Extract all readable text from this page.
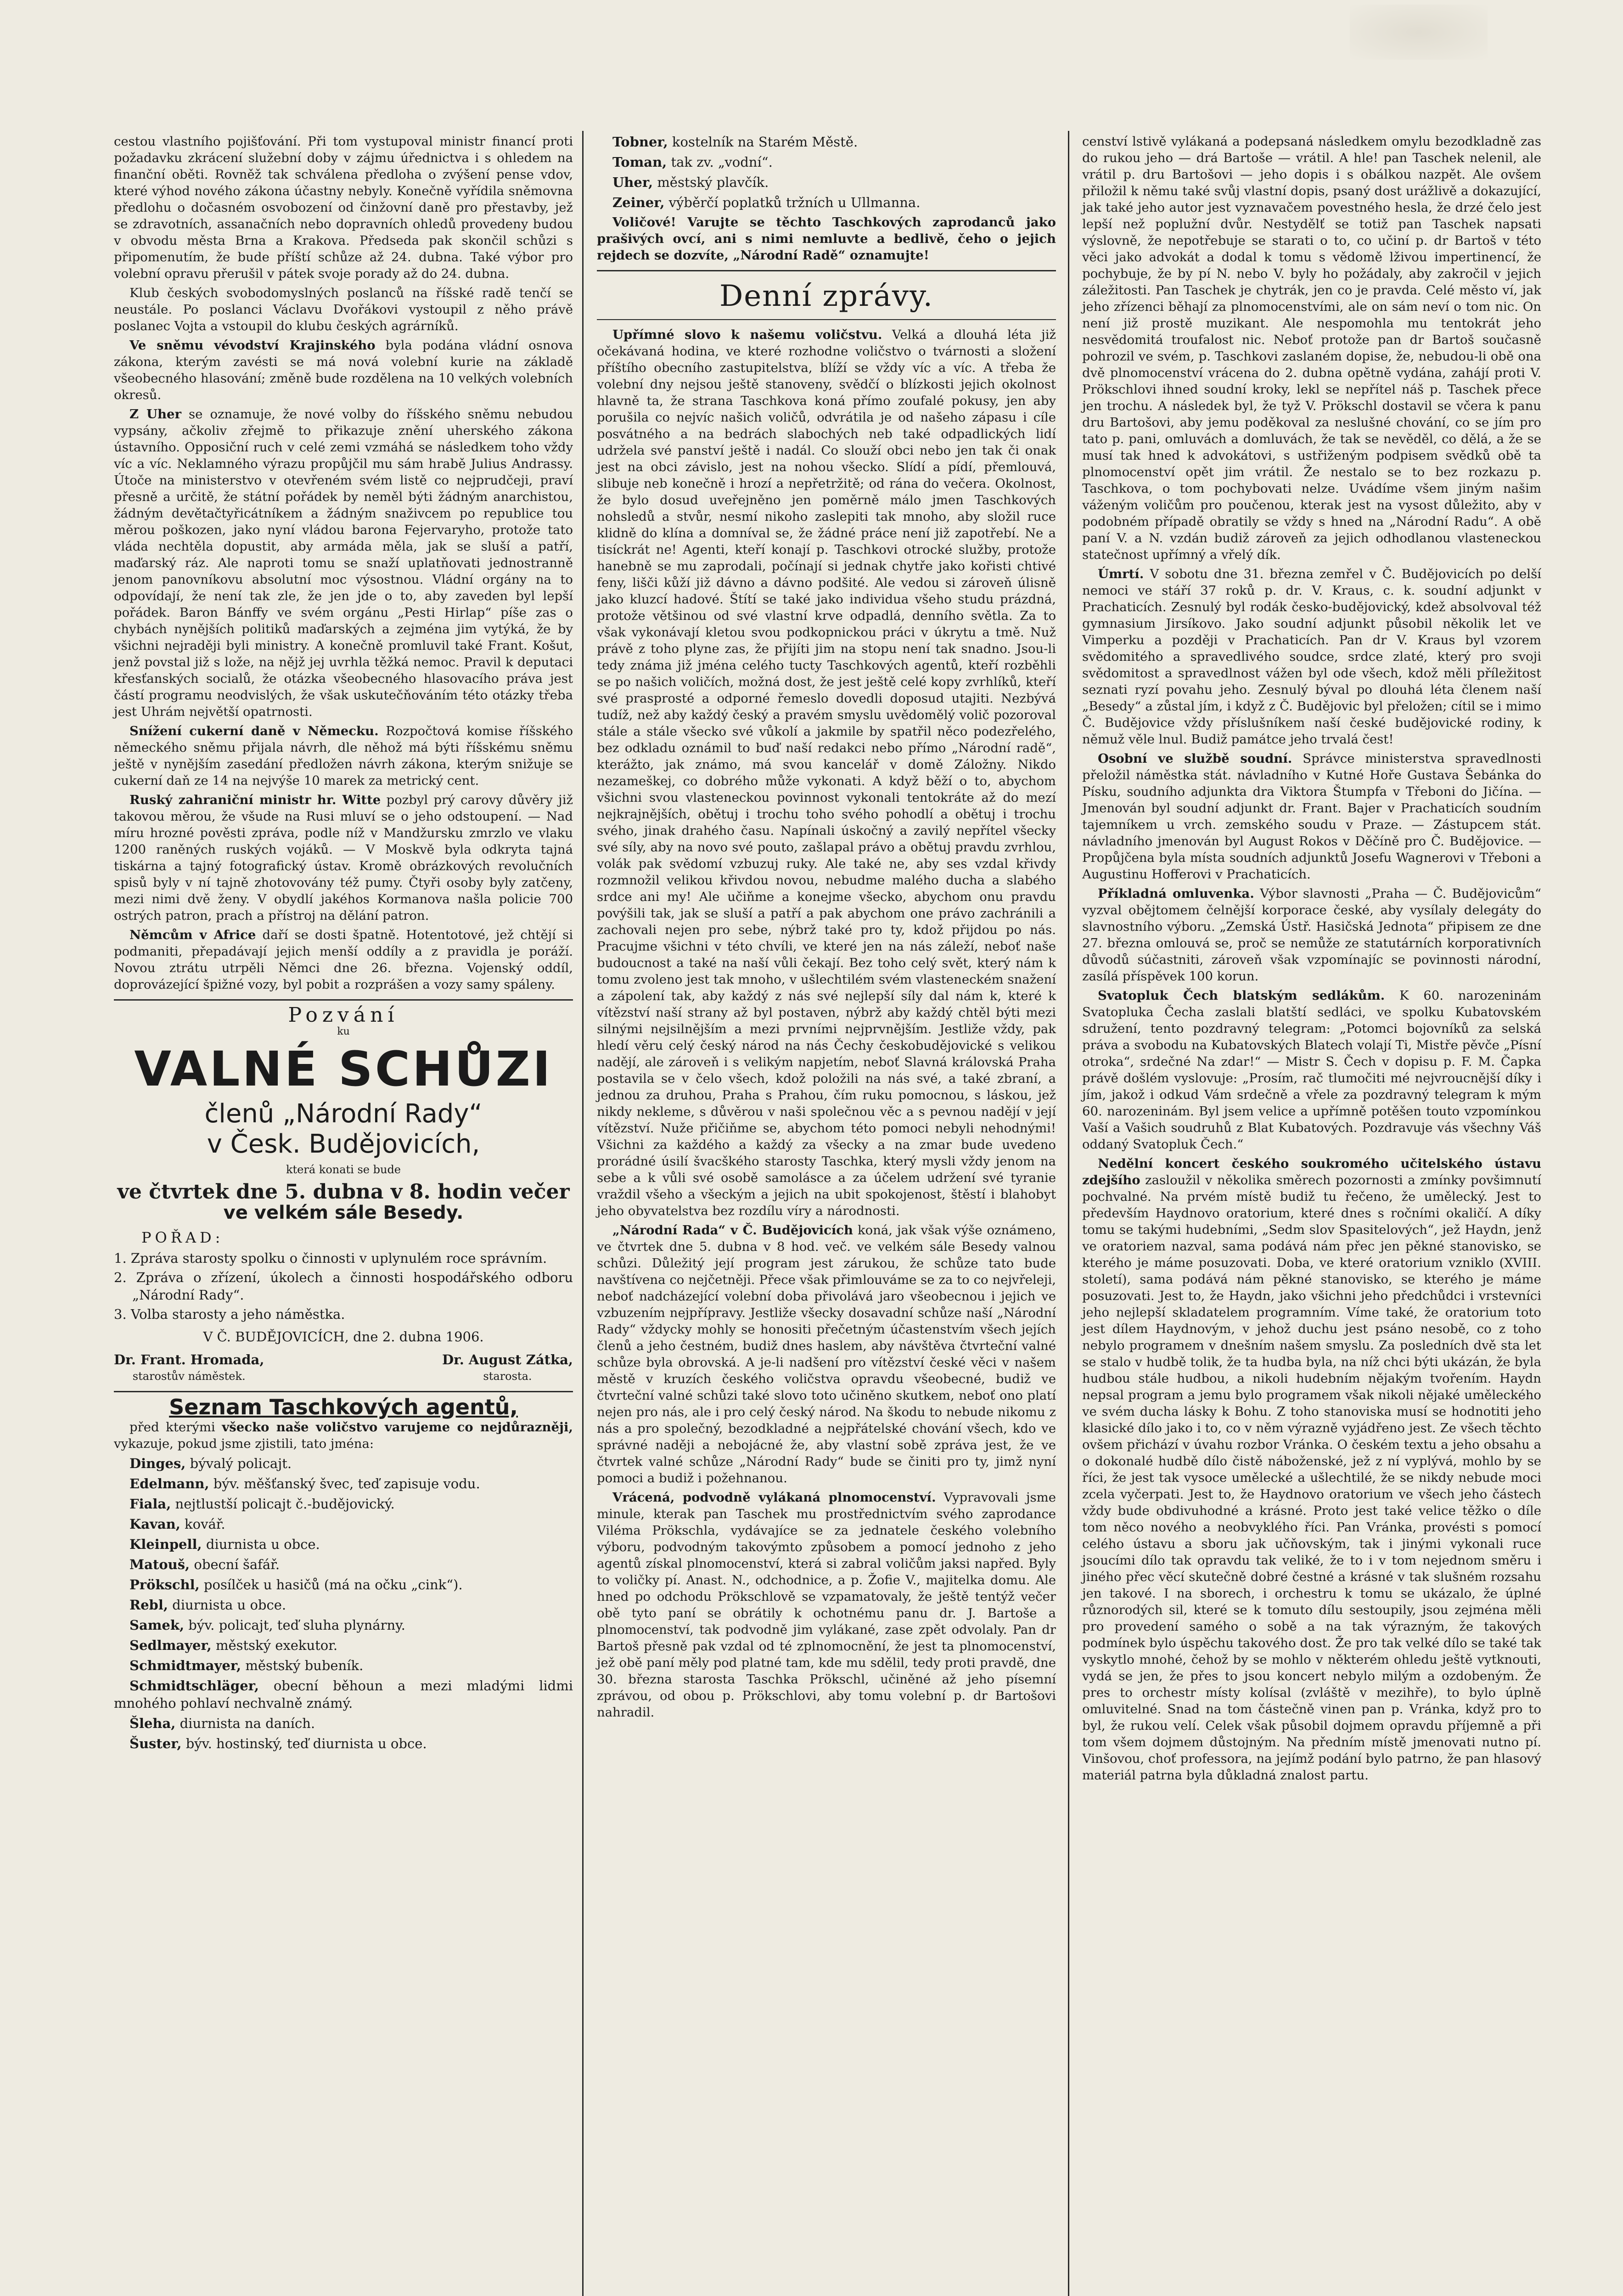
cestou vlastního pojišťování. Při tom vystupoval ministr financí proti požadavku zkrácení služební doby v zájmu úřednictva i s ohledem na finanční oběti. Rovněž tak schválena předloha o zvýšení pense vdov, které výhod nového zákona účastny nebyly. Konečně vyřídila sněmovna předlohu o dočasném osvobození od činžovní daně pro přestavby, jež se zdravotních, assanačních nebo dopravních ohledů provedeny budou v obvodu města Brna a Krakova. Předseda pak skončil schůzi s připomenutím, že bude příští schůze až 24. dubna. Také výbor pro volební opravu přerušil v pátek svoje porady až do 24. dubna.

Klub českých svobodomyslných poslanců na říšské radě tenčí se neustále. Po poslanci Václavu Dvořákovi vystoupil z něho právě poslanec Vojta a vstoupil do klubu českých agrárníků.

Ve sněmu vévodství Krajinského byla podána vládní osnova zákona, kterým zavésti se má nová volební kurie na základě všeobecného hlasování; změně bude rozdělena na 10 velkých volebních okresů.

Z Uher se oznamuje, že nové volby do říšského sněmu nebudou vypsány, ačkoliv zřejmě to přikazuje znění uherského zákona ústavního. Opposiční ruch v celé zemi vzmáhá se následkem toho vždy víc a víc. Neklamného výrazu propůjčil mu sám hrabě Julius Andrassy. Útoče na ministerstvo v otevřeném svém listě co nejprudčeji, praví přesně a určitě, že státní pořádek by neměl býti žádným anarchistou, žádným devětačtyřicátníkem a žádným snaživcem po republice tou měrou poškozen, jako nyní vládou barona Fejervaryho, protože tato vláda nechtěla dopustit, aby armáda měla, jak se sluší a patří, maďarský ráz. Ale naproti tomu se snaží uplatňovati jednostranně jenom panovníkovu absolutní moc výsostnou. Vládní orgány na to odpovídají, že není tak zle, že jen jde o to, aby zaveden byl lepší pořádek. Baron Bánffy ve svém orgánu „Pesti Hirlap“ píše zas o chybách nynějších politiků maďarských a zejména jim vytýká, že by všichni nejraději byli ministry. A konečně promluvil také Frant. Košut, jenž povstal již s lože, na nějž jej uvrhla těžká nemoc. Pravil k deputaci křesťanských socialů, že otázka všeobecného hlasovacího práva jest částí programu neodvislých, že však uskutečňováním této otázky třeba jest Uhrám největší opatrnosti.

Snížení cukerní daně v Německu. Rozpočtová komise říšského německého sněmu přijala návrh, dle něhož má býti říšskému sněmu ještě v nynějším zasedání předložen návrh zákona, kterým snižuje se cukerní daň ze 14 na nejvýše 10 marek za metrický cent.

Ruský zahraniční ministr hr. Witte pozbyl prý carovy důvěry již takovou měrou, že všude na Rusi mluví se o jeho odstoupení. — Nad míru hrozné pověsti zpráva, podle níž v Mandžursku zmrzlo ve vlaku 1200 raněných ruských vojáků. — V Moskvě byla odkryta tajná tiskárna a tajný fotografický ústav. Kromě obrázkových revolučních spisů byly v ní tajně zhotovovány též pumy. Čtyři osoby byly zatčeny, mezi nimi dvě ženy. V obydlí jakéhos Kormanova našla policie 700 ostrých patron, prach a přístroj na dělání patron.

Němcům v Africe daří se dosti špatně. Hotentotové, jež chtějí si podmaniti, přepadávají jejich menší oddíly a z pravidla je poráží. Novou ztrátu utrpěli Němci dne 26. března. Vojenský oddíl, doprovázející špižné vozy, byl pobit a rozprášen a vozy samy spáleny.

Pozvání
ku
VALNÉ SCHŮZI
členů „Národní Rady“
v Česk. Budějovicích,
která konati se bude
ve čtvrtek dne 5. dubna v 8. hodin večer
ve velkém sále Besedy.
POŘAD:
1. Zpráva starosty spolku o činnosti v uplynulém roce správním.
2. Zpráva o zřízení, úkolech a činnosti hospodářského odboru „Národní Rady“.
3. Volba starosty a jeho náměstka.
V Č. BUDĚJOVICÍCH, dne 2. dubna 1906.
Dr. Frant. Hromada,
starostův náměstek.
Dr. August Zátka,
starosta.
Seznam Taschkových agentů,

před kterými všecko naše voličstvo varujeme co nejdůrazněji, vykazuje, pokud jsme zjistili, tato jména:

Dinges, bývalý policajt.

Edelmann, býv. měšťanský švec, teď zapisuje vodu.

Fiala, nejtlustší policajt č.-budějovický.

Kavan, kovář.

Kleinpell, diurnista u obce.

Matouš, obecní šafář.

Prökschl, posílček u hasičů (má na očku „cink“).

Rebl, diurnista u obce.

Samek, býv. policajt, teď sluha plynárny.

Sedlmayer, městský exekutor.

Schmidtmayer, městský bubeník.

Schmidtschläger, obecní běhoun a mezi mladými lidmi mnohého pohlaví nechvalně známý.

Šleha, diurnista na daních.

Šuster, býv. hostinský, teď diurnista u obce.

Tobner, kostelník na Starém Městě.

Toman, tak zv. „vodní“.

Uher, městský plavčík.

Zeiner, výběrčí poplatků tržních u Ullmanna.

Voličové! Varujte se těchto Taschkových zaprodanců jako prašivých ovcí, ani s nimi nemluvte a bedlivě, čeho o jejich rejdech se dozvíte, „Národní Radě“ oznamujte!

Denní zprávy.

Upřímné slovo k našemu voličstvu. Velká a dlouhá léta již očekávaná hodina, ve které rozhodne voličstvo o tvárnosti a složení příštího obecního zastupitelstva, blíží se vždy víc a víc. A třeba že volební dny nejsou ještě stanoveny, svědčí o blízkosti jejich okolnost hlavně ta, že strana Taschkova koná přímo zoufalé pokusy, jen aby porušila co nejvíc našich voličů, odvrátila je od našeho zápasu i cíle posvátného a na bedrách slabochých neb také odpadlických lidí udržela své panství ještě i nadál. Co slouží obci nebo jen tak či onak jest na obci závislo, jest na nohou všecko. Slídí a pídí, přemlouvá, slibuje neb konečně i hrozí a nepřetržitě; od rána do večera. Okolnost, že bylo dosud uveřejněno jen poměrně málo jmen Taschkových nohsledů a stvůr, nesmí nikoho zaslepiti tak mnoho, aby složil ruce klidně do klína a domníval se, že žádné práce není již zapotřebí. Ne a tisíckrát ne! Agenti, kteří konají p. Taschkovi otrocké služby, protože hanebně se mu zaprodali, počínají si jednak chytře jako kořisti chtivé feny, lišči kůží již dávno a dávno podšité. Ale vedou si zároveň úlisně jako kluzcí hadové. Štítí se také jako individua všeho studu prázdná, protože většinou od své vlastní krve odpadlá, denního světla. Za to však vykonávají kletou svou podkopnickou práci v úkrytu a tmě. Nuž právě z toho plyne zas, že přijíti jim na stopu není tak snadno. Jsou-li tedy známa již jména celého tucty Taschkových agentů, kteří rozběhli se po našich voličích, možná dost, že jest ještě celé kopy zvrhlíků, kteří své prasprosté a odporné řemeslo dovedli doposud utajiti. Nezbývá tudíž, než aby každý český a pravém smyslu uvědomělý volič pozoroval stále a stále všecko své vůkolí a jakmile by spatřil něco podezřelého, bez odkladu oznámil to buď naší redakci nebo přímo „Národní radě“, kterážto, jak známo, má svou kancelář v domě Záložny. Nikdo nezameškej, co dobrého může vykonati. A když běží o to, abychom všichni svou vlasteneckou povinnost vykonali tentokráte až do mezí nejkrajnějších, obětuj i trochu toho svého pohodlí a obětuj i trochu svého, jinak drahého času. Napínali úskočný a zavilý nepřítel všecky své síly, aby na novo své pouto, zašlapal právo a obětuj pravdu zvrhlou, volák pak svědomí vzbuzuj ruky. Ale také ne, aby ses vzdal křivdy rozmnožil velikou křivdou novou, nebudme malého ducha a slabého srdce ani my! Ale učiňme a konejme všecko, abychom onu pravdu povýšili tak, jak se sluší a patří a pak abychom one právo zachránili a zachovali nejen pro sebe, nýbrž také pro ty, kdož přijdou po nás. Pracujme všichni v této chvíli, ve které jen na nás záleží, neboť naše budoucnost a také na naší vůli čekají. Bez toho celý svět, který nám k tomu zvoleno jest tak mnoho, v ušlechtilém svém vlasteneckém snažení a zápolení tak, aby každý z nás své nejlepší síly dal nám k, které k vítězství naší strany až byl postaven, nýbrž aby každý chtěl býti mezi silnými nejsilnějším a mezi prvními nejprvnějším. Jestliže vždy, pak hledí věru celý český národ na nás Čechy českobudějovické s velikou nadějí, ale zároveň i s velikým napjetím, neboť Slavná královská Praha postavila se v čelo všech, kdož položili na nás své, a také zbraní, a jednou za druhou, Praha s Prahou, čím ruku pomocnou, s láskou, jež nikdy nekleme, s důvěrou v naši společnou věc a s pevnou nadějí v její vítězství. Nuže přičiňme se, abychom této pomoci nebyli nehodnými! Všichni za každého a každý za všecky a na zmar bude uvedeno prorádné úsilí švacškého starosty Taschka, který mysli vždy jenom na sebe a k vůli své osobě samolásce a za účelem udržení své tyranie vraždil všeho a všeckým a jejich na ubit spokojenost, štěstí i blahobyt jeho obyvatelstva bez rozdílu víry a národnosti.

„Národní Rada“ v Č. Budějovicích koná, jak však výše oznámeno, ve čtvrtek dne 5. dubna v 8 hod. več. ve velkém sále Besedy valnou schůzi. Důležitý její program jest zárukou, že schůze tato bude navštívena co nejčetněji. Přece však přimlouváme se za to co nejvřeleji, neboť nadcházející volební doba přivolává jaro všeobecnou i jejich ve vzbuzením nejpřípravy. Jestliže všecky dosavadní schůze naší „Národní Rady“ vždycky mohly se honositi přečetným účastenstvím všech jejích členů a jeho čestném, budiž dnes haslem, aby návštěva čtvrteční valné schůze byla obrovská. A je-li nadšení pro vítězství české věci v našem městě v kruzích českého voličstva opravdu všeobecné, budiž ve čtvrteční valné schůzi také slovo toto učiněno skutkem, neboť ono platí nejen pro nás, ale i pro celý český národ. Na škodu to nebude nikomu z nás a pro společný, bezodkladné a nejpřátelské chování všech, kdo ve správné naději a nebojácné že, aby vlastní sobě zpráva jest, že ve čtvrtek valné schůze „Národní Rady“ bude se činiti pro ty, jimž nyní pomoci a budiž i požehnanou.

Vrácená, podvodně vylákaná plnomocenství. Vypravovali jsme minule, kterak pan Taschek mu prostřednictvím svého zaprodance Viléma Prökschla, vydávajíce se za jednatele českého volebního výboru, podvodným takovýmto způsobem a pomocí jednoho z jeho agentů získal plnomocenství, která si zabral voličům jaksi napřed. Byly to voličky pí. Anast. N., odchodnice, a p. Žofie V., majitelka domu. Ale hned po odchodu Prökschlově se vzpamatovaly, že ještě tentýž večer obě tyto paní se obrátily k ochotnému panu dr. J. Bartoše a plnomocenství, tak podvodně jim vylákané, zase zpět odvolaly. Pan dr Bartoš přesně pak vzdal od té zplnomocnění, že jest ta plnomocenství, jež obě paní měly pod platné tam, kde mu sdělil, tedy proti pravdě, dne 30. března starosta Taschka Prökschl, učiněné až jeho písemní zprávou, od obou p. Prökschlovi, aby tomu volební p. dr Bartošovi nahradil.

cenství lstivě vylákaná a podepsaná následkem omylu bezodkladně zas do rukou jeho — drá Bartoše — vrátil. A hle! pan Taschek nelenil, ale vrátil p. dru Bartošovi — jeho dopis i s obálkou nazpět. Ale ovšem přiložil k němu také svůj vlastní dopis, psaný dost urážlivě a dokazující, jak také jeho autor jest vyznavačem povestného hesla, že drzé čelo jest lepší než poplužní dvůr. Nestydělť se totiž pan Taschek napsati výslovně, že nepotřebuje se starati o to, co učiní p. dr Bartoš v této věci jako advokát a dodal k tomu s vědomě lživou impertinencí, že pochybuje, že by pí N. nebo V. byly ho požádaly, aby zakročil v jejich záležitosti. Pan Taschek je chytrák, jen co je pravda. Celé město ví, jak jeho zřízenci běhají za plnomocenstvími, ale on sám neví o tom nic. On není již prostě muzikant. Ale nespomohla mu tentokrát jeho nesvědomitá troufalost nic. Neboť protože pan dr Bartoš současně pohrozil ve svém, p. Taschkovi zaslaném dopise, že, nebudou-li obě ona dvě plnomocenství vrácena do 2. dubna opětně vydána, zahájí proti V. Prökschlovi ihned soudní kroky, lekl se nepřítel náš p. Taschek přece jen trochu. A následek byl, že tyž V. Prökschl dostavil se včera k panu dru Bartošovi, aby jemu poděkoval za neslušné chování, co se jím pro tato p. pani, omluvách a domluvách, že tak se nevěděl, co dělá, a že se musí tak hned k advokátovi, s ustřiženým podpisem svědků obě ta plnomocenství opět jim vrátil. Že nestalo se to bez rozkazu p. Taschkova, o tom pochybovati nelze. Uvádíme všem jiným našim váženým voličům pro poučenou, kterak jest na vysost důležito, aby v podobném případě obratily se vždy s hned na „Národní Radu“. A obě paní V. a N. vzdán budiž zároveň za jejich odhodlanou vlasteneckou statečnost upřímný a vřelý dík.

Úmrtí. V sobotu dne 31. března zemřel v Č. Budějovicích po delší nemoci ve stáří 37 roků p. dr. V. Kraus, c. k. soudní adjunkt v Prachaticích. Zesnulý byl rodák česko-budějovický, kdež absolvoval též gymnasium Jirsíkovo. Jako soudní adjunkt působil několik let ve Vimperku a později v Prachaticích. Pan dr V. Kraus byl vzorem svědomitého a spravedlivého soudce, srdce zlaté, který pro svoji svědomitost a spravedlnost vážen byl ode všech, kdož měli příležitost seznati ryzí povahu jeho. Zesnulý býval po dlouhá léta členem naší „Besedy“ a zůstal jím, i když z Č. Budějovic byl přeložen; cítil se i mimo Č. Budějovice vždy příslušníkem naší české budějovické rodiny, k němuž věle lnul. Budiž památce jeho trvalá čest!

Osobní ve službě soudní. Správce ministerstva spravedlnosti přeložil náměstka stát. návladního v Kutné Hoře Gustava Šebánka do Písku, soudního adjunkta dra Viktora Štumpfa v Třeboni do Jičína. — Jmenován byl soudní adjunkt dr. Frant. Bajer v Prachaticích soudním tajemníkem u vrch. zemského soudu v Praze. — Zástupcem stát. návladního jmenován byl August Rokos v Děčíně pro Č. Budějovice. — Propůjčena byla místa soudních adjunktů Josefu Wagnerovi v Třeboni a Augustinu Hofferovi v Prachaticích.

Příkladná omluvenka. Výbor slavnosti „Praha — Č. Budějovicům“ vyzval obějtomem čelnější korporace české, aby vysílaly delegáty do slavnostního výboru. „Zemská Ústř. Hasičská Jednota“ připisem ze dne 27. března omlouvá se, proč se nemůže ze statutárních korporativních důvodů súčastniti, zároveň však vzpomínajíc se povinnosti národní, zasílá příspěvek 100 korun.

Svatopluk Čech blatským sedlákům. K 60. narozeninám Svatopluka Čecha zaslali blatští sedláci, ve spolku Kubatovském sdružení, tento pozdravný telegram: „Potomci bojovníků za selská práva a svobodu na Kubatovských Blatech volají Ti, Mistře pěvče „Písní otroka“, srdečné Na zdar!“ — Mistr S. Čech v dopisu p. F. M. Čapka právě došlém vyslovuje: „Prosím, rač tlumočiti mé nejvroucnější díky i jím, jakož i odkud Vám srdečně a vřele za pozdravný telegram k mým 60. narozeninám. Byl jsem velice a upřímně potěšen touto vzpomínkou Vaší a Vašich soudruhů z Blat Kubatových. Pozdravuje vás všechny Váš oddaný Svatopluk Čech.“

Nedělní koncert českého soukromého učitelského ústavu zdejšího zasloužil v několika směrech pozornosti a zmínky povšimnutí pochvalné. Na prvém místě budiž tu řečeno, že umělecký. Jest to především Haydnovo oratorium, které dnes s ročními okaličí. A díky tomu se takými hudebními, „Sedm slov Spasitelových“, jež Haydn, jenž ve oratoriem nazval, sama podává nám přec jen pěkné stanovisko, se kterého je máme posuzovati. Doba, ve které oratorium vzniklo (XVIII. století), sama podává nám pěkné stanovisko, se kterého je máme posuzovati. Jest to, že Haydn, jako všichni jeho předchůdci i vrstevníci jeho nejlepší skladatelem programním. Víme také, že oratorium toto jest dílem Haydnovým, v jehož duchu jest psáno nesobě, co z toho nebylo programem v dnešním našem smyslu. Za posledních dvě sta let se stalo v hudbě tolik, že ta hudba byla, na níž chci býti ukázán, že byla hudbou stále hudbou, a nikoli hudebním nějakým tvořením. Haydn nepsal program a jemu bylo programem však nikoli nějaké uměleckého ve svém ducha lásky k Bohu. Z toho stanoviska musí se hodnotiti jeho klasické dílo jako i to, co v něm výrazně vyjádřeno jest. Ze všech těchto ovšem přichází v úvahu rozbor Vránka. O českém textu a jeho obsahu a o dokonalé hudbě dílo čistě náboženské, jež z ní vyplývá, mohlo by se říci, že jest tak vysoce umělecké a ušlechtilé, že se nikdy nebude moci zcela vyčerpati. Jest to, že Haydnovo oratorium ve všech jeho částech vždy bude obdivuhodné a krásné. Proto jest také velice těžko o díle tom něco nového a neobvyklého říci. Pan Vránka, provésti s pomocí celého ústavu a sboru jak učňovským, tak i jinými vykonali ruce jsoucími dílo tak opravdu tak veliké, že to i v tom nejednom směru i jiného přec věcí skutečně dobré čestné a krásné v tak slušném rozsahu jen takové. I na sborech, i orchestru k tomu se ukázalo, že úplné různorodých sil, které se k tomuto dílu sestoupily, jsou zejména měli pro provedení samého o sobě a na tak výrazným, že takových podmínek bylo úspěchu takového dost. Že pro tak velké dílo se také tak vyskytlo mnohé, čehož by se mohlo v některém ohledu ještě vytknouti, vydá se jen, že přes to jsou koncert nebylo milým a ozdobeným. Že pres to orchestr místy kolísal (zvláště v mezihře), to bylo úplně omluvitelné. Snad na tom částečně vinen pan p. Vránka, když pro to byl, že rukou velí. Celek však působil dojmem opravdu příjemně a při tom všem dojmem důstojným. Na předním místě jmenovati nutno pí. Vinšovou, choť professora, na jejímž podání bylo patrno, že pan hlasový materiál patrna byla důkladná znalost partu.
